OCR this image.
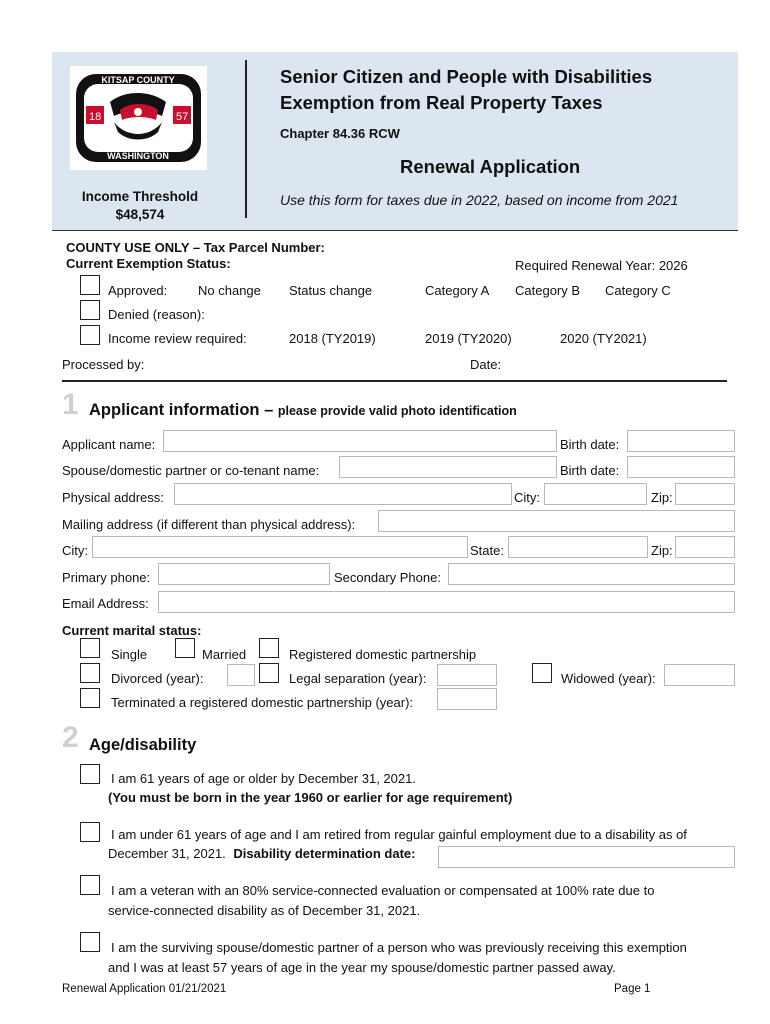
18	57
KITSAP COUNTY
WASHINGTON
Senior Citizen and People with Disabilities
Exemption from Real Property Taxes
Chapter 84.36 RCW
Renewal Application
Use this form for taxes due in 2022, based on income from 2021
Income Threshold
$48,574
COUNTY USE ONLY – Tax Parcel Number:
Current Exemption Status:	Required Renewal Year: 2026
Approved: No change Status change	Category A Category B Category C
Denied (reason):
Income review required:	2018 (TY2019)	2019 (TY2020)	2020 (TY2021)
Processed by:	Date:
1 Applicant information – please provide valid photo identification
Applicant name:	Birth date:
Spouse/domestic partner or co-tenant name:	Birth date:
Physical address:	City:	Zip:
Mailing address (if different than physical address):
City:	State:	Zip:
Primary phone:	Secondary Phone:
Email Address:
Current marital status:
Single	Married	Registered domestic partnership
Divorced (year):	Legal separation (year):	Widowed (year):
Terminated a registered domestic partnership (year):
2 Age/disability
I am 61 years of age or older by December 31, 2021.
(You must be born in the year 1960 or earlier for age requirement)
I am under 61 years of age and I am retired from regular gainful employment due to a disability as of
December 31, 2021. Disability determination date:
I am a veteran with an 80% service-connected evaluation or compensated at 100% rate due to
service-connected disability as of December 31, 2021.
I am the surviving spouse/domestic partner of a person who was previously receiving this exemption
and I was at least 57 years of age in the year my spouse/domestic partner passed away.
Renewal Application 01/21/2021	Page 1
